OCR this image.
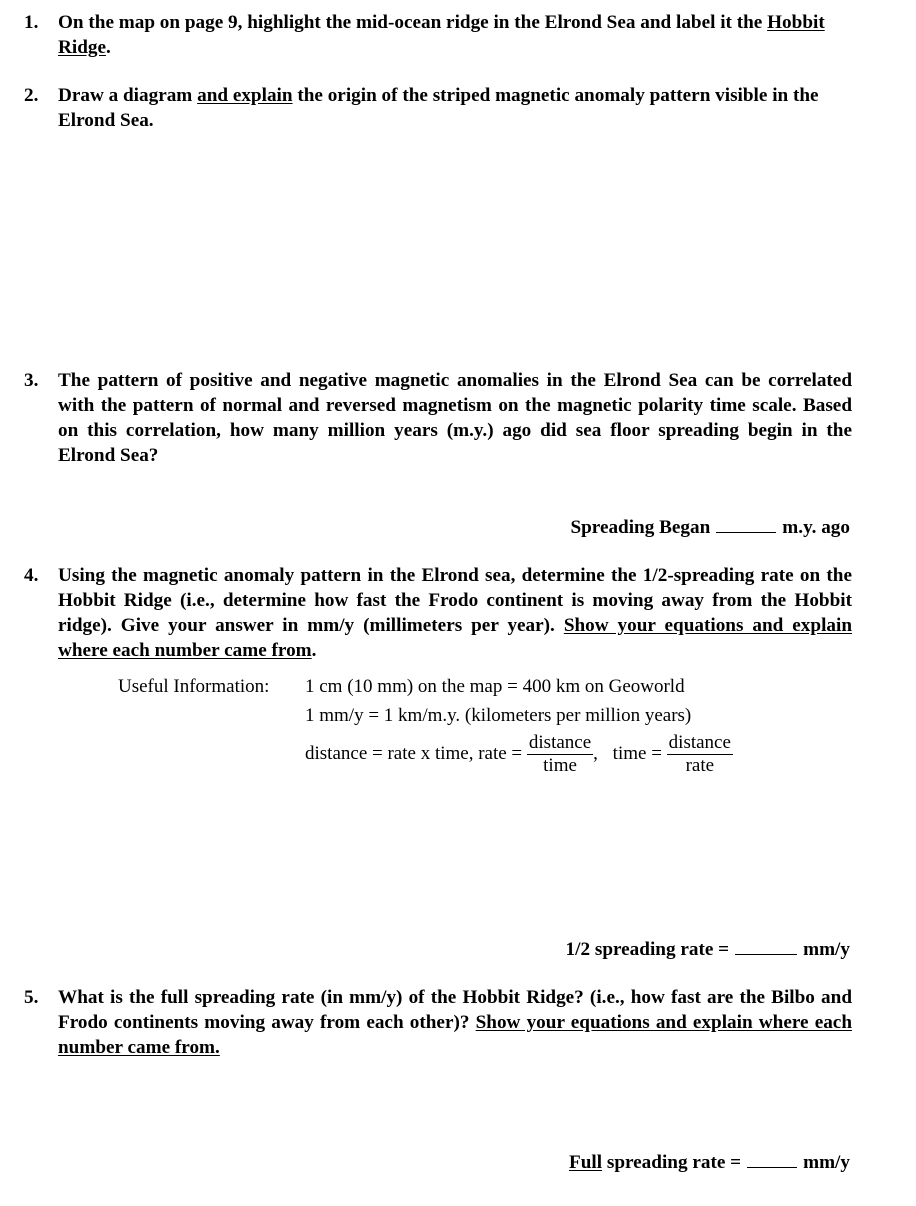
1. On the map on page 9, highlight the mid-ocean ridge in the Elrond Sea and label it the Hobbit Ridge.
2. Draw a diagram and explain the origin of the striped magnetic anomaly pattern visible in the Elrond Sea.
3. The pattern of positive and negative magnetic anomalies in the Elrond Sea can be correlated with the pattern of normal and reversed magnetism on the magnetic polarity time scale. Based on this correlation, how many million years (m.y.) ago did sea floor spreading begin in the Elrond Sea?
Spreading Began	m.y. ago
4. Using the magnetic anomaly pattern in the Elrond sea, determine the 1/2-spreading rate on the Hobbit Ridge (i.e., determine how fast the Frodo continent is moving away from the Hobbit ridge). Give your answer in mm/y (millimeters per year). Show your equations and explain where each number came from.
Useful Information: 1 cm (10 mm) on the map = 400 km on Geoworld
1 mm/y = 1 km/m.y. (kilometers per million years)
distance = rate x time, rate = $\frac{\text{distance}}{\text{time}}$ , time = $\frac{\text{distance}}{\text{rate}}$
1/2 spreading rate =	mm/y
5. What is the full spreading rate (in mm/y) of the Hobbit Ridge? (i.e., how fast are the Bilbo and Frodo continents moving away from each other)? Show your equations and explain where each number came from.
Full spreading rate =	mm/y
